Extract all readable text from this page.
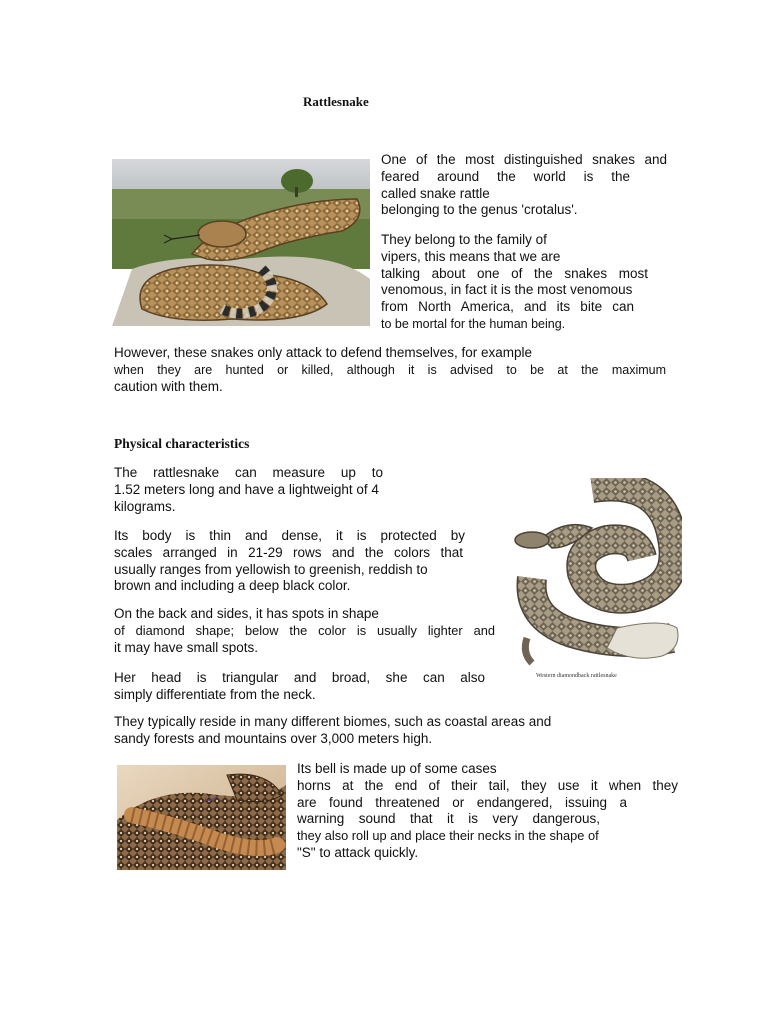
Rattlesnake
One of the most distinguished snakes and
feared around the world is the
called snake rattle
belonging to the genus 'crotalus'.
They belong to the family of
vipers, this means that we are
talking about one of the snakes most
venomous, in fact it is the most venomous
from North America, and its bite can
to be mortal for the human being.
However, these snakes only attack to defend themselves, for example
when they are hunted or killed, although it is advised to be at the maximum
caution with them.
Physical characteristics
The rattlesnake can measure up to
1.52 meters long and have a lightweight of 4
kilograms.
Its body is thin and dense, it is protected by
scales arranged in 21-29 rows and the colors that
usually ranges from yellowish to greenish, reddish to
brown and including a deep black color.
On the back and sides, it has spots in shape
of diamond shape; below the color is usually lighter and
it may have small spots.
Her head is triangular and broad, she can also
simply differentiate from the neck.
Western diamondback rattlesnake
They typically reside in many different biomes, such as coastal areas and
sandy forests and mountains over 3,000 meters high.
Its bell is made up of some cases
horns at the end of their tail, they use it when they
are found threatened or endangered, issuing a
warning sound that it is very dangerous,
they also roll up and place their necks in the shape of
"S" to attack quickly.
